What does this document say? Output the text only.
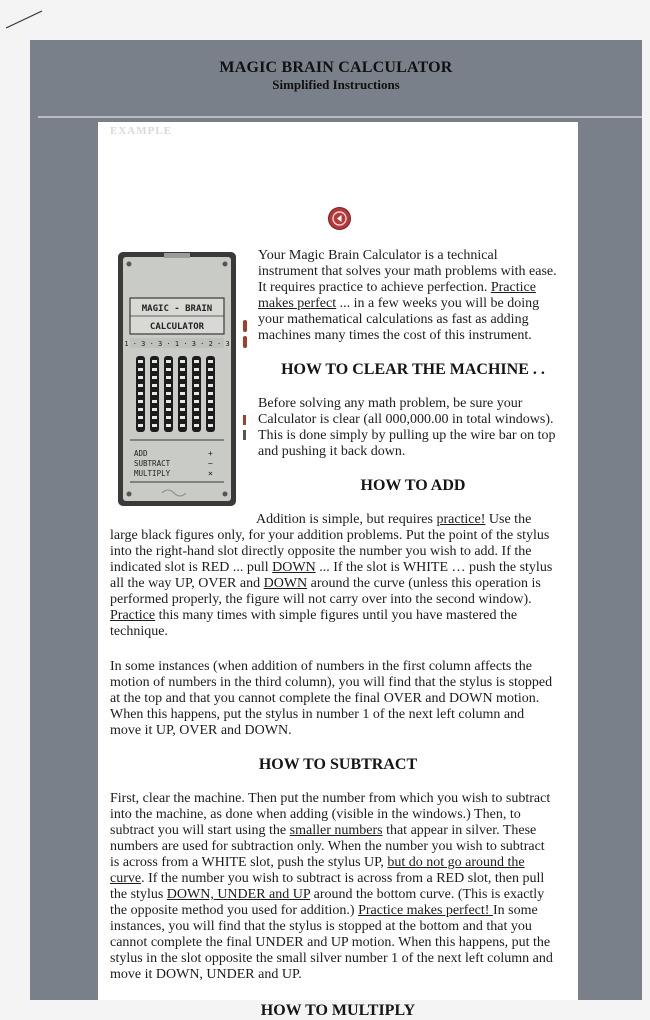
MAGIC BRAIN CALCULATOR
Simplified Instructions
EXAMPLE
MAGIC - BRAIN
CALCULATOR
1 · 3 · 3 · 1 · 3 · 2 · 3
ADD
SUBTRACT
MULTIPLY
+
−
×

Your Magic Brain Calculator is a technical

instrument that solves your math problems with ease.

It requires practice to achieve perfection. Practice

makes perfect ... in a few weeks you will be doing

your mathematical calculations as fast as adding

machines many times the cost of this instrument.

HOW TO CLEAR THE MACHINE . .

Before solving any math problem, be sure your

Calculator is clear (all 000,000.00 in total windows).

This is done simply by pulling up the wire bar on top

and pushing it back down.

HOW TO ADD

Addition is simple, but requires practice! Use the

large black figures only, for your addition problems. Put the point of the stylus

into the right-hand slot directly opposite the number you wish to add. If the

indicated slot is RED ... pull DOWN ... If the slot is WHITE … push the stylus

all the way UP, OVER and DOWN around the curve (unless this operation is

performed properly, the figure will not carry over into the second window).

Practice this many times with simple figures until you have mastered the

technique.

In some instances (when addition of numbers in the first column affects the

motion of numbers in the third column), you will find that the stylus is stopped

at the top and that you cannot complete the final OVER and DOWN motion.

When this happens, put the stylus in number 1 of the next left column and

move it UP, OVER and DOWN.

HOW TO SUBTRACT

First, clear the machine. Then put the number from which you wish to subtract

into the machine, as done when adding (visible in the windows.) Then, to

subtract you will start using the smaller numbers that appear in silver. These

numbers are used for subtraction only. When the number you wish to subtract

is across from a WHITE slot, push the stylus UP, but do not go around the

curve. If the number you wish to subtract is across from a RED slot, then pull

the stylus DOWN, UNDER and UP around the bottom curve. (This is exactly

the opposite method you used for addition.) Practice makes perfect! In some

instances, you will find that the stylus is stopped at the bottom and that you

cannot complete the final UNDER and UP motion. When this happens, put the

stylus in the slot opposite the small silver number 1 of the next left column and

move it DOWN, UNDER and UP.

HOW TO MULTIPLY
